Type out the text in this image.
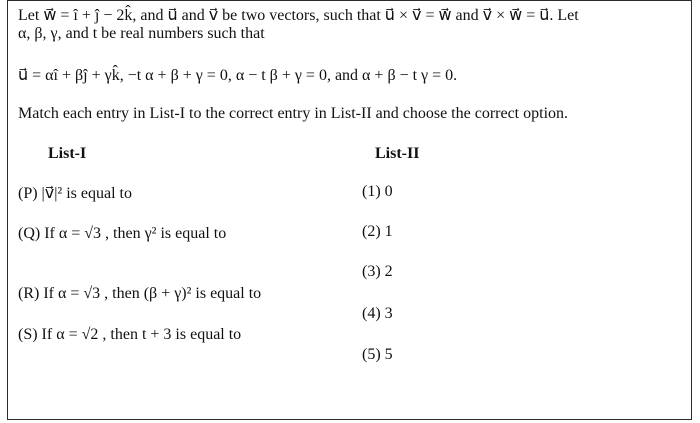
Let w⃗ = î + ĵ − 2k̂, and u⃗ and v⃗ be two vectors, such that u⃗ × v⃗ = w⃗ and v⃗ × w⃗ = u⃗. Let
α, β, γ, and t be real numbers such that
u⃗ = αî + βĵ + γk̂, −t α + β + γ = 0, α − t β + γ = 0, and α + β − t γ = 0.
Match each entry in List-I to the correct entry in List-II and choose the correct option.
List-I	List-II
(P) |v⃗|² is equal to
(Q) If α = √3 , then γ² is equal to
(R) If α = √3 , then (β + γ)² is equal to
(S) If α = √2 , then t + 3 is equal to
(1) 0
(2) 1
(3) 2
(4) 3
(5) 5
